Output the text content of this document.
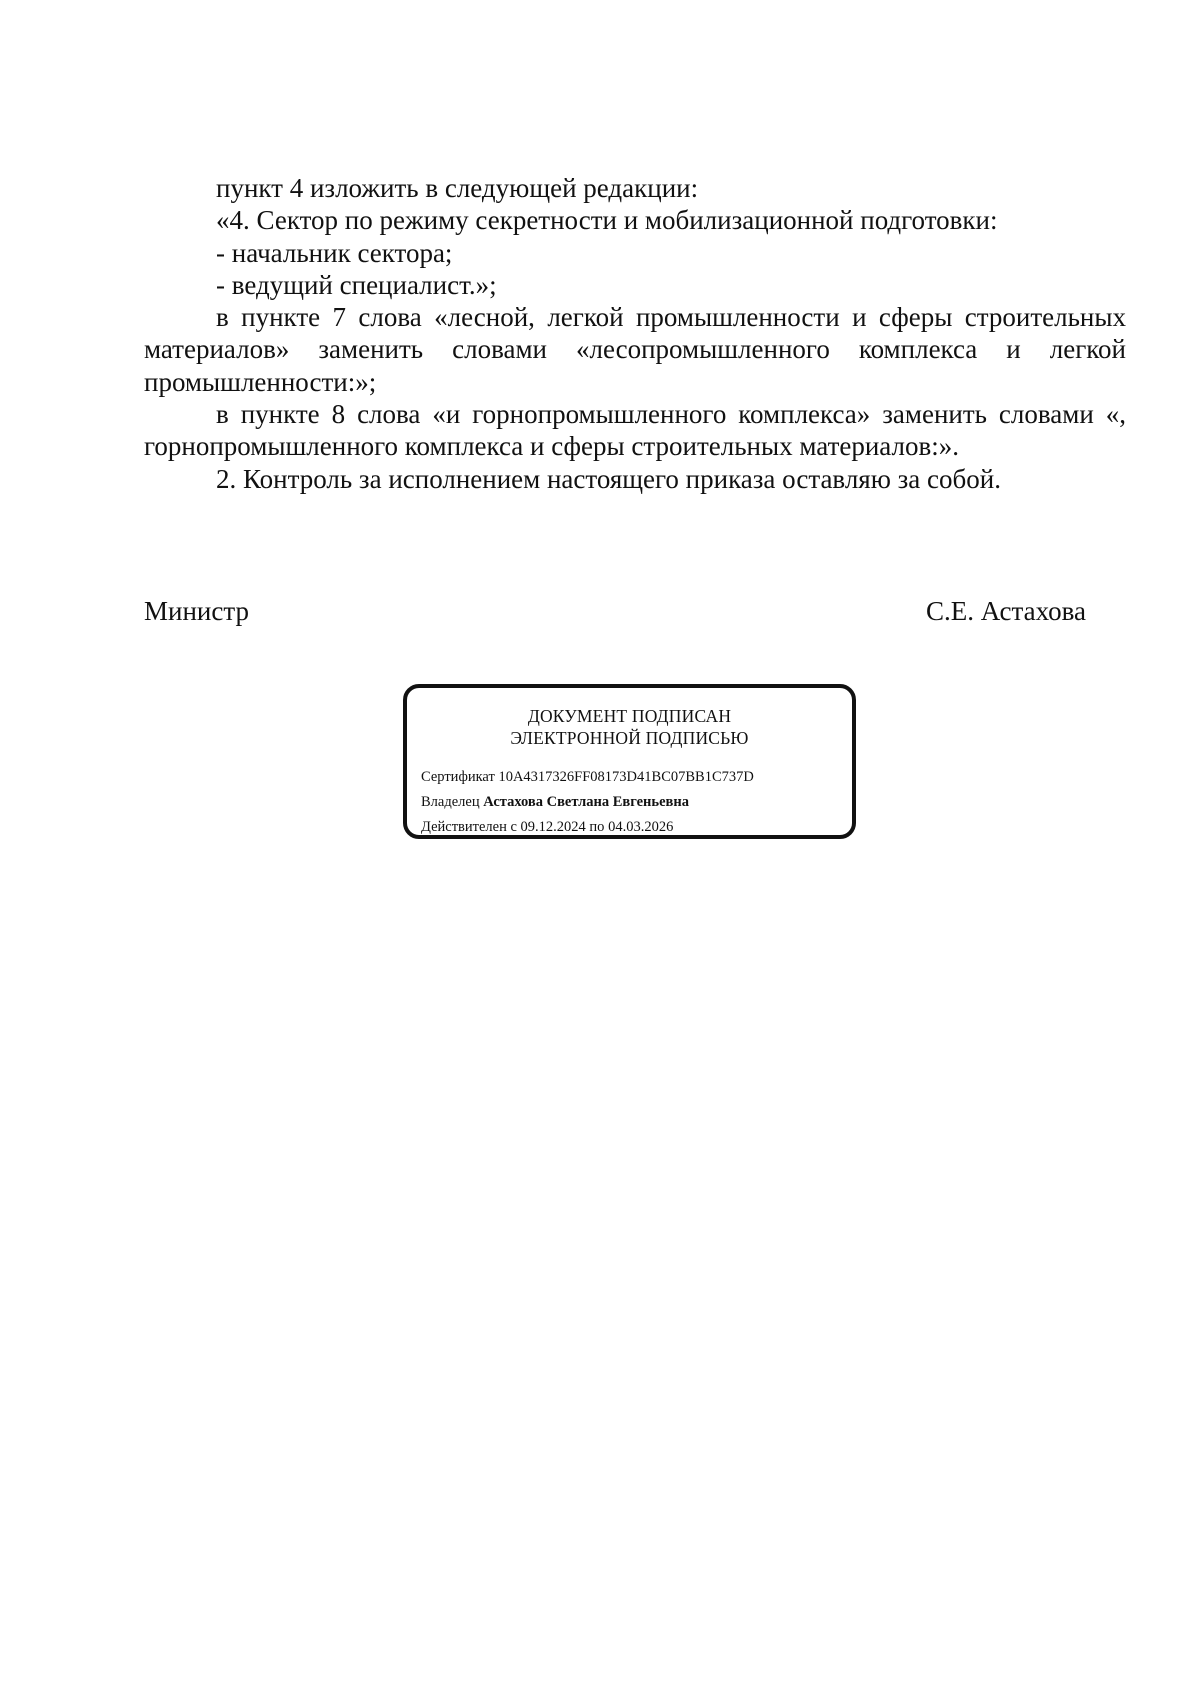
пункт 4 изложить в следующей редакции:

«4. Сектор по режиму секретности и мобилизационной подготовки:

- начальник сектора;

- ведущий специалист.»;

в пункте 7 слова «лесной, легкой промышленности и сферы строительных материалов» заменить словами «лесопромышленного комплекса и легкой промышленности:»;

в пункте 8 слова «и горнопромышленного комплекса» заменить словами «, горнопромышленного комплекса и сферы строительных материалов:».

2. Контроль за исполнением настоящего приказа оставляю за собой.

Министр	С.Е. Астахова
ДОКУМЕНТ ПОДПИСАН
ЭЛЕКТРОННОЙ ПОДПИСЬЮ
Сертификат 10A4317326FF08173D41BC07BB1C737D
Владелец Астахова Светлана Евгеньевна
Действителен с 09.12.2024 по 04.03.2026
